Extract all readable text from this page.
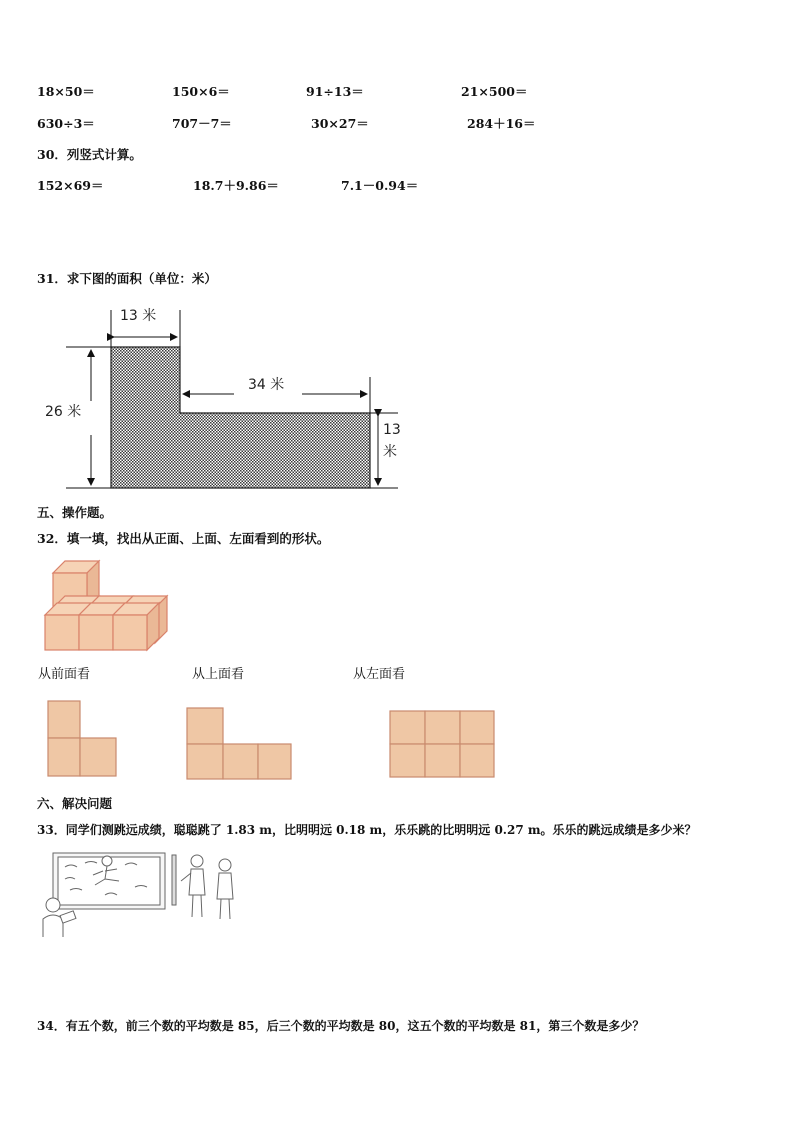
18×50＝	150×6＝	91÷13＝	21×500＝
630÷3＝	707－7＝	30×27＝	284＋16＝
30．列竖式计算。
152×69＝	18.7＋9.86＝	7.1－0.94＝
31．求下图的面积（单位：米）
13 米
34 米
26 米
13
米
五、操作题。
32．填一填，找出从正面、上面、左面看到的形状。
从前面看	从上面看	从左面看
六、解决问题
33．同学们测跳远成绩，聪聪跳了 1.83 m，比明明远 0.18 m，乐乐跳的比明明远 0.27 m。乐乐的跳远成绩是多少米？
34．有五个数，前三个数的平均数是 85，后三个数的平均数是 80，这五个数的平均数是 81，第三个数是多少？
